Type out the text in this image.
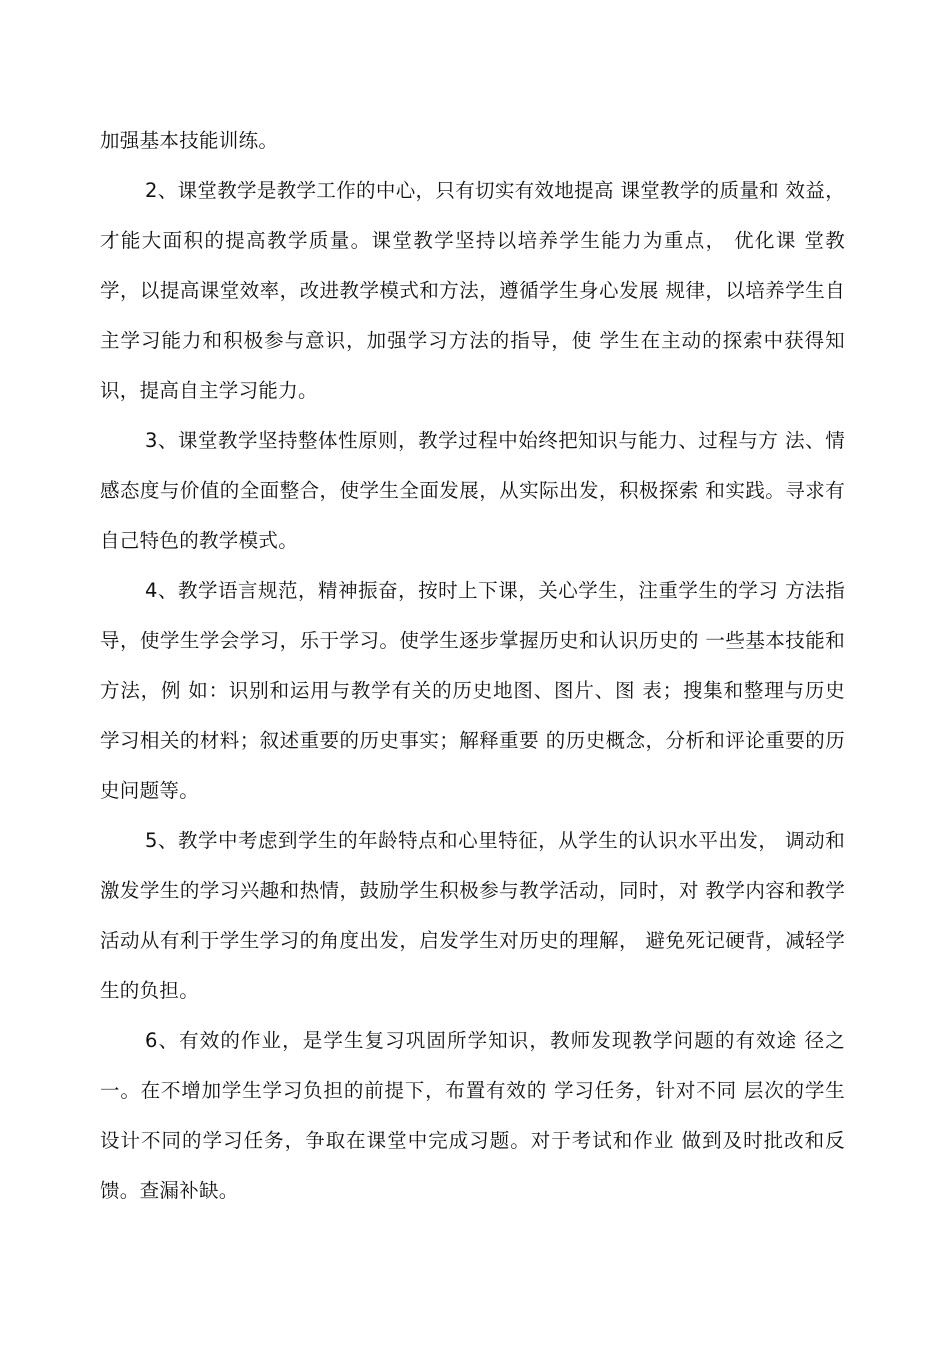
加强基本技能训练。

2、课堂教学是教学工作的中心，只有切实有效地提高 课堂教学的质量和 效益，才能大面积的提高教学质量。课堂教学坚持以培养学生能力为重点， 优化课 堂教学，以提高课堂效率，改进教学模式和方法，遵循学生身心发展 规律，以培养学生自主学习能力和积极参与意识，加强学习方法的指导，使 学生在主动的探索中获得知识，提高自主学习能力。

3、课堂教学坚持整体性原则，教学过程中始终把知识与能力、过程与方 法、情感态度与价值的全面整合，使学生全面发展，从实际出发，积极探索 和实践。寻求有自己特色的教学模式。

4、教学语言规范，精神振奋，按时上下课，关心学生，注重学生的学习 方法指导，使学生学会学习，乐于学习。使学生逐步掌握历史和认识历史的 一些基本技能和方法，例 如：识别和运用与教学有关的历史地图、图片、图 表；搜集和整理与历史学习相关的材料；叙述重要的历史事实；解释重要 的历史概念，分析和评论重要的历史问题等。

5、教学中考虑到学生的年龄特点和心里特征，从学生的认识水平出发， 调动和激发学生的学习兴趣和热情，鼓励学生积极参与教学活动，同时，对 教学内容和教学活动从有利于学生学习的角度出发，启发学生对历史的理解， 避免死记硬背，减轻学生的负担。

6、有效的作业，是学生复习巩固所学知识，教师发现教学问题的有效途 径之一。在不增加学生学习负担的前提下，布置有效的 学习任务，针对不同 层次的学生设计不同的学习任务，争取在课堂中完成习题。对于考试和作业 做到及时批改和反馈。查漏补缺。
